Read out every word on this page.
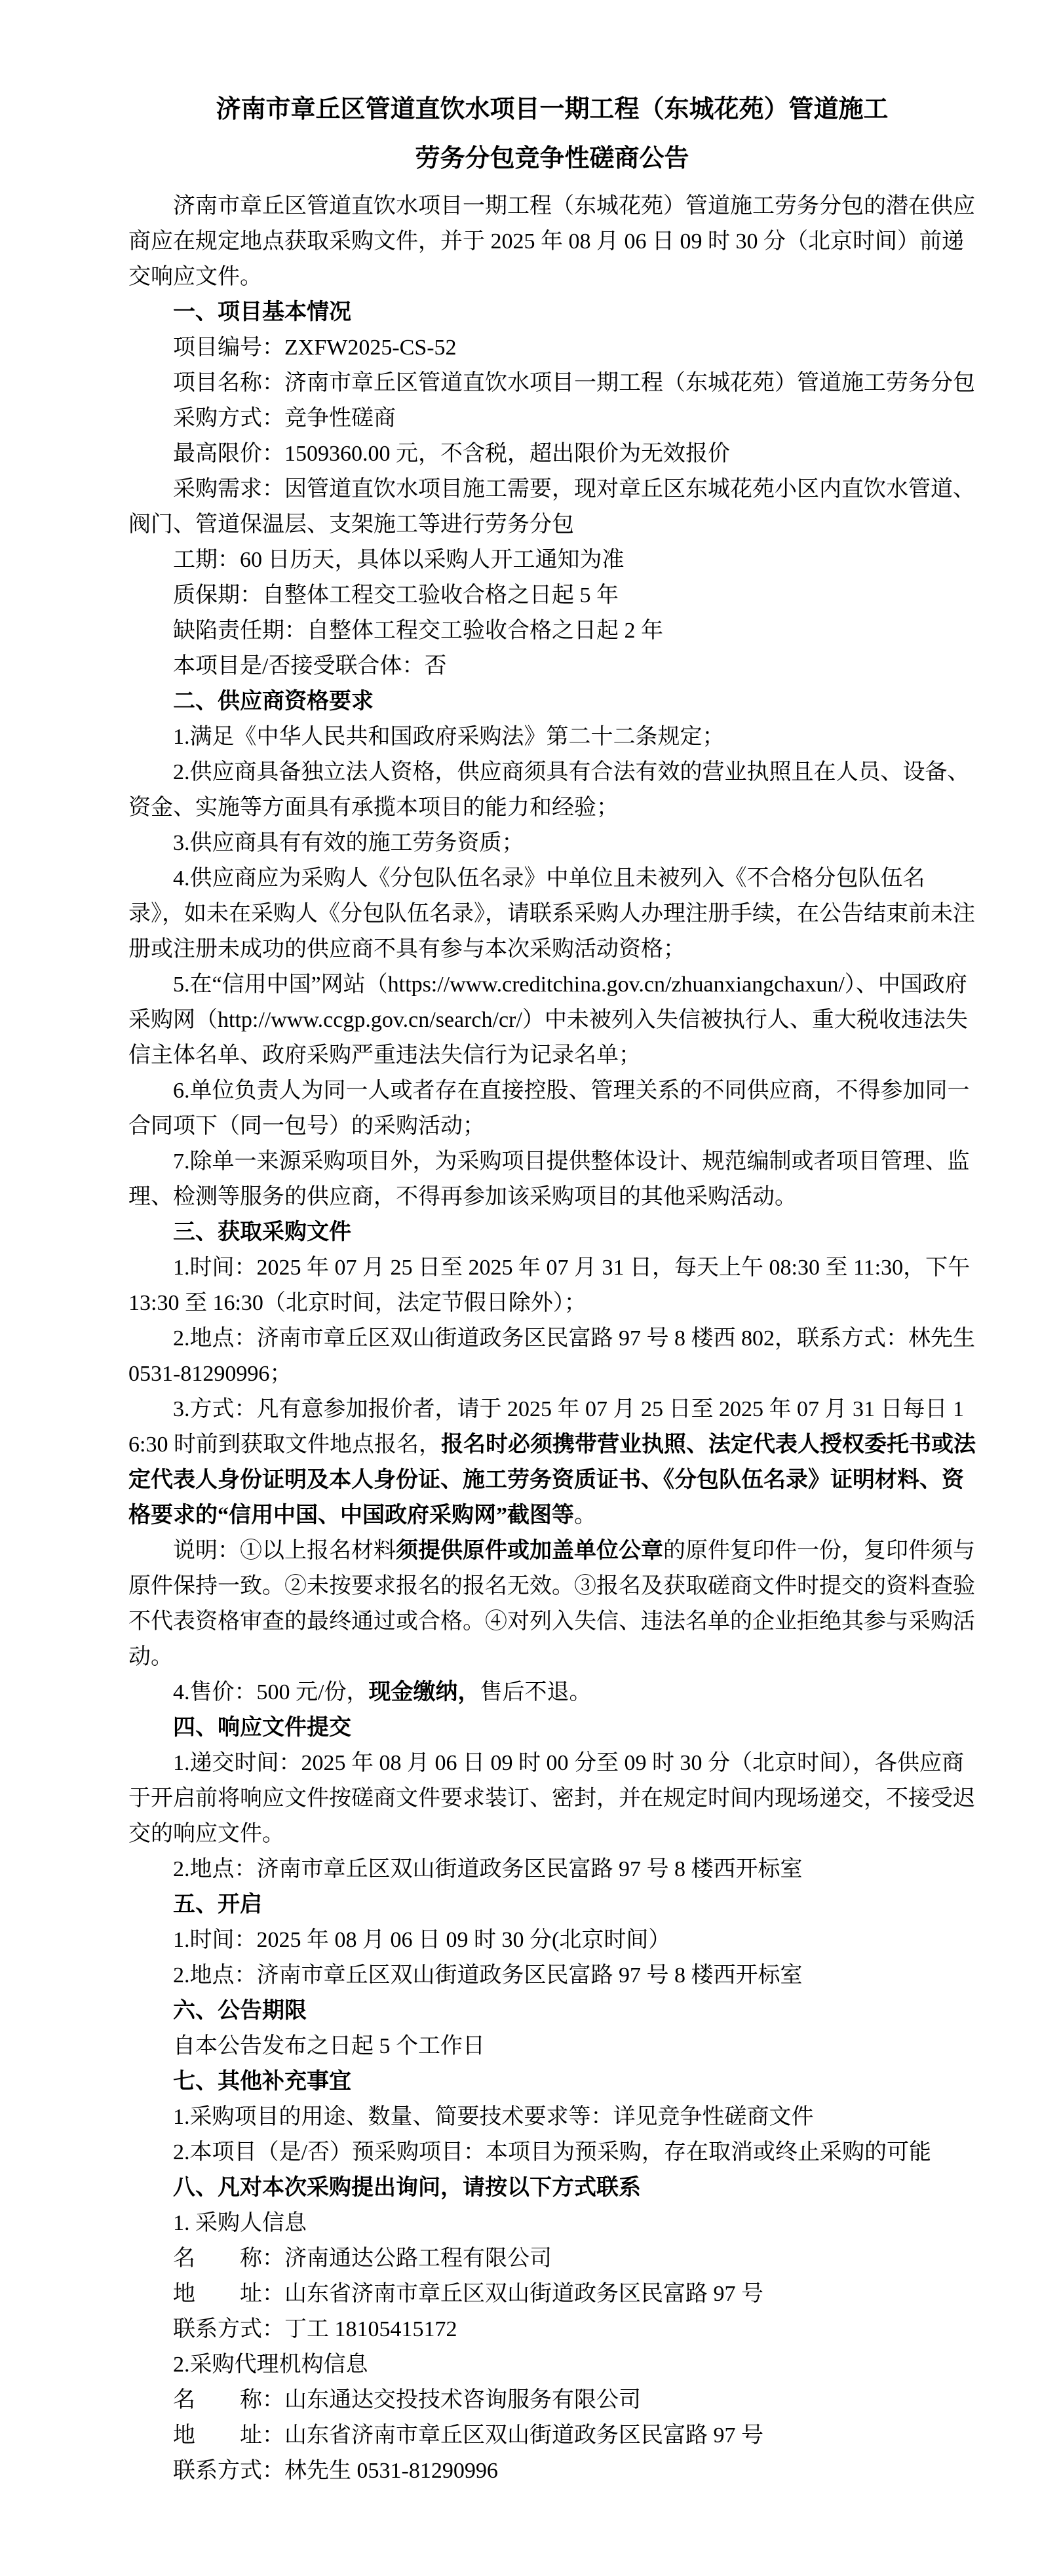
济南市章丘区管道直饮水项目一期工程（东城花苑）管道施工
劳务分包竞争性磋商公告

济南市章丘区管道直饮水项目一期工程（东城花苑）管道施工劳务分包的潜在供应商应在规定地点获取采购文件，并于 2025 年 08 月 06 日 09 时 30 分（北京时间）前递交响应文件。

一、项目基本情况

项目编号：ZXFW2025-CS-52

项目名称：济南市章丘区管道直饮水项目一期工程（东城花苑）管道施工劳务分包

采购方式：竞争性磋商

最高限价：1509360.00 元，不含税，超出限价为无效报价

采购需求：因管道直饮水项目施工需要，现对章丘区东城花苑小区内直饮水管道、阀门、管道保温层、支架施工等进行劳务分包

工期：60 日历天，具体以采购人开工通知为准

质保期：自整体工程交工验收合格之日起 5 年

缺陷责任期：自整体工程交工验收合格之日起 2 年

本项目是/否接受联合体：否

二、供应商资格要求

1.满足《中华人民共和国政府采购法》第二十二条规定；

2.供应商具备独立法人资格，供应商须具有合法有效的营业执照且在人员、设备、资金、实施等方面具有承揽本项目的能力和经验；

3.供应商具有有效的施工劳务资质；

4.供应商应为采购人《分包队伍名录》中单位且未被列入《不合格分包队伍名录》，如未在采购人《分包队伍名录》，请联系采购人办理注册手续，在公告结束前未注册或注册未成功的供应商不具有参与本次采购活动资格；

5.在“信用中国”网站（https://www.creditchina.gov.cn/zhuanxiangchaxun/）、中国政府采购网（http://www.ccgp.gov.cn/search/cr/）中未被列入失信被执行人、重大税收违法失信主体名单、政府采购严重违法失信行为记录名单；

6.单位负责人为同一人或者存在直接控股、管理关系的不同供应商，不得参加同一合同项下（同一包号）的采购活动；

7.除单一来源采购项目外，为采购项目提供整体设计、规范编制或者项目管理、监理、检测等服务的供应商，不得再参加该采购项目的其他采购活动。

三、获取采购文件

1.时间：2025 年 07 月 25 日至 2025 年 07 月 31 日，每天上午 08:30 至 11:30，下午 13:30 至 16:30（北京时间，法定节假日除外）；

2.地点：济南市章丘区双山街道政务区民富路 97 号 8 楼西 802，联系方式：林先生 0531-81290996；

3.方式：凡有意参加报价者，请于 2025 年 07 月 25 日至 2025 年 07 月 31 日每日 16:30 时前到获取文件地点报名，报名时必须携带营业执照、法定代表人授权委托书或法定代表人身份证明及本人身份证、施工劳务资质证书、《分包队伍名录》证明材料、资格要求的“信用中国、中国政府采购网”截图等。

说明：①以上报名材料须提供原件或加盖单位公章的原件复印件一份，复印件须与原件保持一致。②未按要求报名的报名无效。③报名及获取磋商文件时提交的资料查验不代表资格审查的最终通过或合格。④对列入失信、违法名单的企业拒绝其参与采购活动。

4.售价：500 元/份，现金缴纳，售后不退。

四、响应文件提交

1.递交时间：2025 年 08 月 06 日 09 时 00 分至 09 时 30 分（北京时间），各供应商于开启前将响应文件按磋商文件要求装订、密封，并在规定时间内现场递交，不接受迟交的响应文件。

2.地点：济南市章丘区双山街道政务区民富路 97 号 8 楼西开标室

五、开启

1.时间：2025 年 08 月 06 日 09 时 30 分(北京时间）

2.地点：济南市章丘区双山街道政务区民富路 97 号 8 楼西开标室

六、公告期限

自本公告发布之日起 5 个工作日

七、其他补充事宜

1.采购项目的用途、数量、简要技术要求等：详见竞争性磋商文件

2.本项目（是/否）预采购项目：本项目为预采购，存在取消或终止采购的可能

八、凡对本次采购提出询问，请按以下方式联系

1. 采购人信息

名　　称：济南通达公路工程有限公司

地　　址：山东省济南市章丘区双山街道政务区民富路 97 号

联系方式：丁工 18105415172

2.采购代理机构信息

名　　称：山东通达交投技术咨询服务有限公司

地　　址：山东省济南市章丘区双山街道政务区民富路 97 号

联系方式：林先生 0531-81290996
